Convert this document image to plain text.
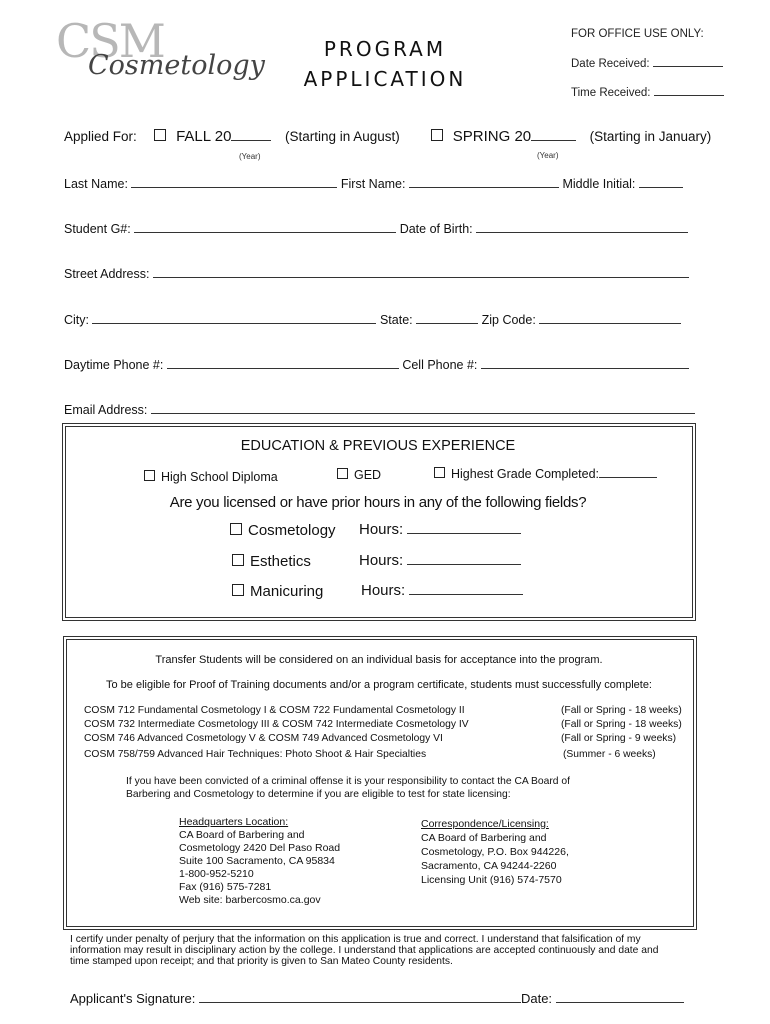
CSM
Cosmetology
PROGRAM
APPLICATION
FOR OFFICE USE ONLY:
Date Received:
Time Received:
Applied For:	FALL 20	(Starting in August)
(Year)
SPRING 20	(Starting in January)
(Year)
Last Name:	First Name:	Middle Initial:
Student G#:	Date of Birth:
Street Address:
City:	State:	Zip Code:
Daytime Phone #:	Cell Phone #:
Email Address:
EDUCATION & PREVIOUS EXPERIENCE
High School Diploma	GED	Highest Grade Completed:
Are you licensed or have prior hours in any of the following fields?
Cosmetology Hours:
Esthetics	Hours:
Manicuring	Hours:
Transfer Students will be considered on an individual basis for acceptance into the program.
To be eligible for Proof of Training documents and/or a program certificate, students must successfully complete:
COSM 712 Fundamental Cosmetology I & COSM 722 Fundamental Cosmetology II	(Fall or Spring - 18 weeks)
COSM 732 Intermediate Cosmetology III & COSM 742 Intermediate Cosmetology IV	(Fall or Spring - 18 weeks)
COSM 746 Advanced Cosmetology V & COSM 749 Advanced Cosmetology VI	(Fall or Spring - 9 weeks)
COSM 758/759 Advanced Hair Techniques: Photo Shoot & Hair Specialties	(Summer - 6 weeks)
If you have been convicted of a criminal offense it is your responsibility to contact the CA Board of
Barbering and Cosmetology to determine if you are eligible to test for state licensing:
Headquarters Location:
CA Board of Barbering and
Cosmetology 2420 Del Paso Road
Suite 100 Sacramento, CA 95834
1-800-952-5210
Fax (916) 575-7281
Web site: barbercosmo.ca.gov
Correspondence/Licensing:
CA Board of Barbering and
Cosmetology, P.O. Box 944226,
Sacramento, CA 94244-2260
Licensing Unit (916) 574-7570
I certify under penalty of perjury that the information on this application is true and correct. I understand that falsification of my
information may result in disciplinary action by the college. I understand that applications are accepted continuously and date and
time stamped upon receipt; and that priority is given to San Mateo County residents.
Applicant's Signature:	Date:
